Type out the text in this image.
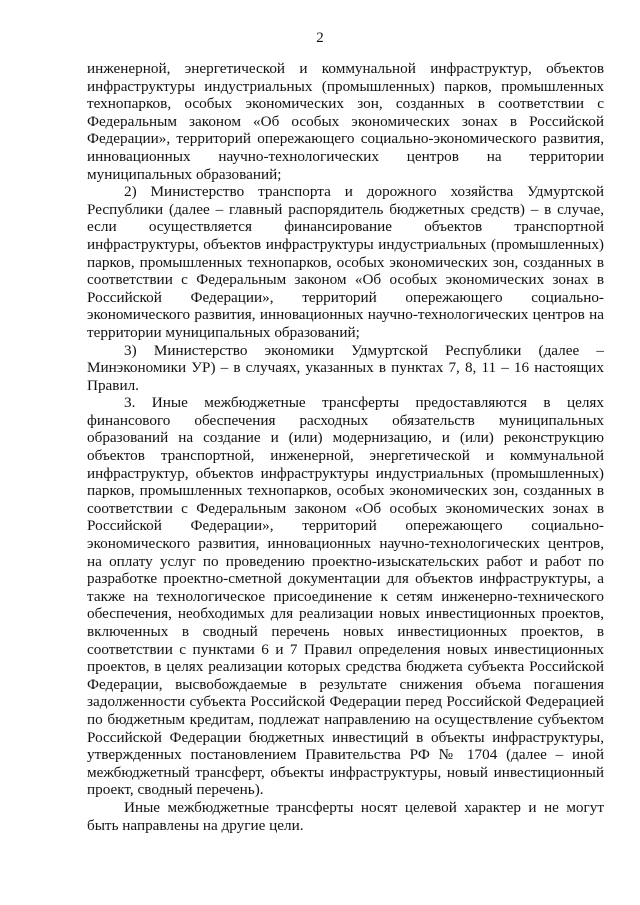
2

инженерной, энергетической и коммунальной инфраструктур, объектов инфраструктуры индустриальных (промышленных) парков, промышленных технопарков, особых экономических зон, созданных в соответствии с Федеральным законом «Об особых экономических зонах в Российской Федерации», территорий опережающего социально-экономического развития, инновационных научно-технологических центров на территории муниципальных образований;

2) Министерство транспорта и дорожного хозяйства Удмуртской Республики (далее – главный распорядитель бюджетных средств) – в случае, если осуществляется финансирование объектов транспортной инфраструктуры, объектов инфраструктуры индустриальных (промышленных) парков, промышленных технопарков, особых экономических зон, созданных в соответствии с Федеральным законом «Об особых экономических зонах в Российской Федерации», территорий опережающего социально-экономического развития, инновационных научно-технологических центров на территории муниципальных образований;

3) Министерство экономики Удмуртской Республики (далее – Минэкономики УР) – в случаях, указанных в пунктах 7, 8, 11 – 16 настоящих Правил.

3. Иные межбюджетные трансферты предоставляются в целях финансового обеспечения расходных обязательств муниципальных образований на создание и (или) модернизацию, и (или) реконструкцию объектов транспортной, инженерной, энергетической и коммунальной инфраструктур, объектов инфраструктуры индустриальных (промышленных) парков, промышленных технопарков, особых экономических зон, созданных в соответствии с Федеральным законом «Об особых экономических зонах в Российской Федерации», территорий опережающего социально-экономического развития, инновационных научно-технологических центров, на оплату услуг по проведению проектно-изыскательских работ и работ по разработке проектно-сметной документации для объектов инфраструктуры, а также на технологическое присоединение к сетям инженерно-технического обеспечения, необходимых для реализации новых инвестиционных проектов, включенных в сводный перечень новых инвестиционных проектов, в соответствии с пунктами 6 и 7 Правил определения новых инвестиционных проектов, в целях реализации которых средства бюджета субъекта Российской Федерации, высвобождаемые в результате снижения объема погашения задолженности субъекта Российской Федерации перед Российской Федерацией по бюджетным кредитам, подлежат направлению на осуществление субъектом Российской Федерации бюджетных инвестиций в объекты инфраструктуры, утвержденных постановлением Правительства РФ № 1704 (далее – иной межбюджетный трансферт, объекты инфраструктуры, новый инвестиционный проект, сводный перечень).

Иные межбюджетные трансферты носят целевой характер и не могут быть направлены на другие цели.
